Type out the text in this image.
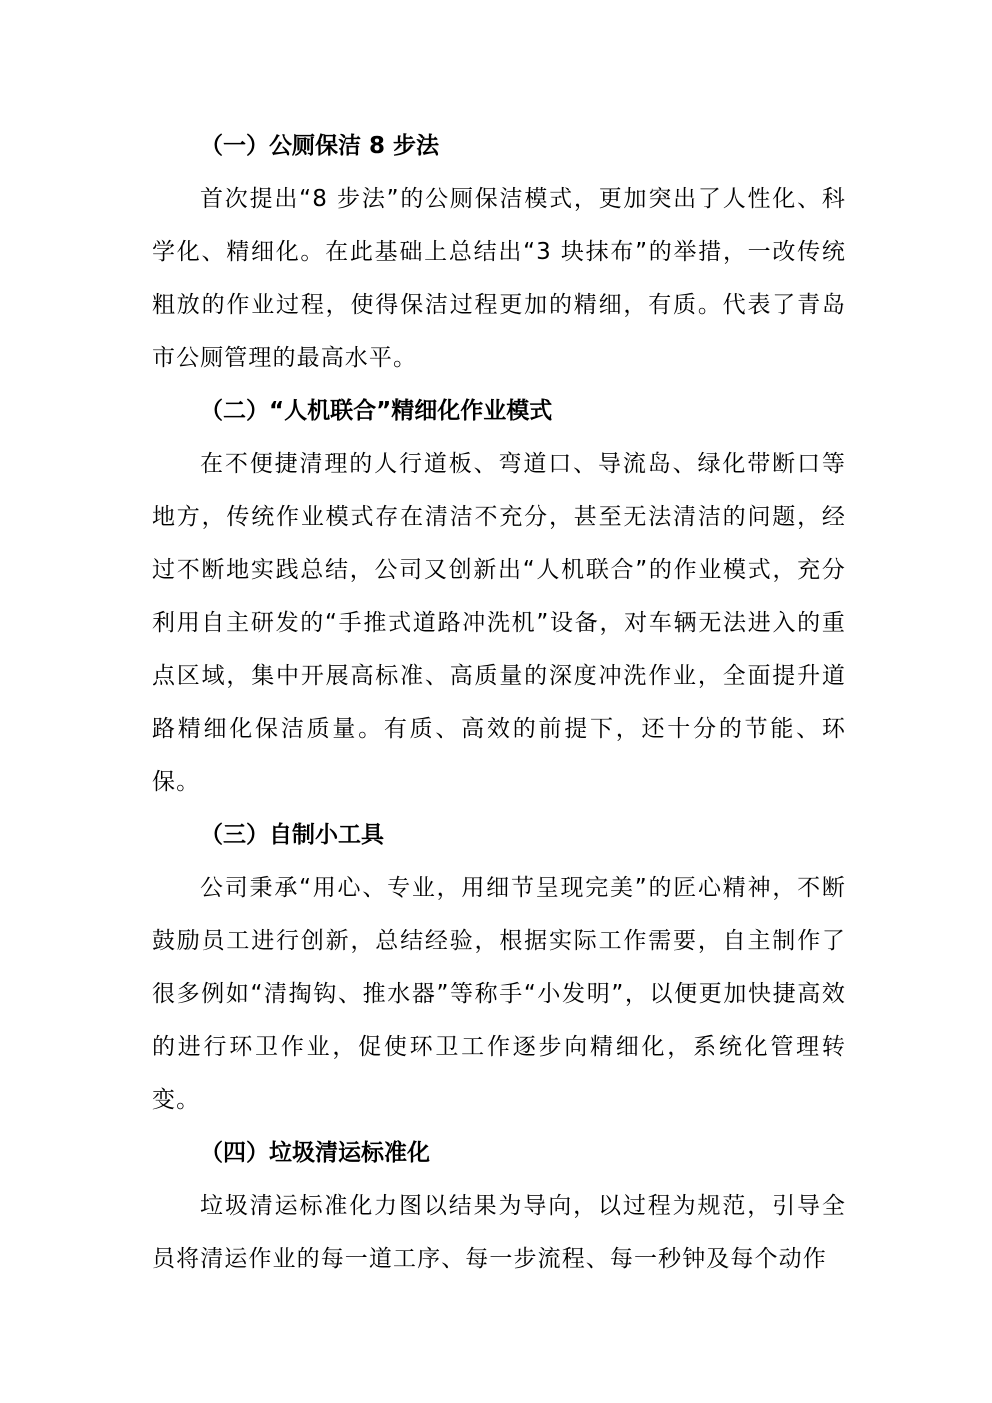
（一）公厕保洁 8 步法

首次提出“8 步法”的公厕保洁模式，更加突出了人性化、科学化、精细化。在此基础上总结出“3 块抹布”的举措，一改传统粗放的作业过程，使得保洁过程更加的精细，有质。代表了青岛市公厕管理的最高水平。

（二）“人机联合”精细化作业模式

在不便捷清理的人行道板、弯道口、导流岛、绿化带断口等地方，传统作业模式存在清洁不充分，甚至无法清洁的问题，经过不断地实践总结，公司又创新出“人机联合”的作业模式，充分利用自主研发的“手推式道路冲洗机”设备，对车辆无法进入的重点区域，集中开展高标准、高质量的深度冲洗作业，全面提升道路精细化保洁质量。有质、高效的前提下，还十分的节能、环保。

（三）自制小工具

公司秉承“用心、专业，用细节呈现完美”的匠心精神，不断鼓励员工进行创新，总结经验，根据实际工作需要，自主制作了很多例如“清掏钩、推水器”等称手“小发明”，以便更加快捷高效的进行环卫作业，促使环卫工作逐步向精细化，系统化管理转变。

（四）垃圾清运标准化

垃圾清运标准化力图以结果为导向，以过程为规范，引导全员将清运作业的每一道工序、每一步流程、每一秒钟及每个动作
